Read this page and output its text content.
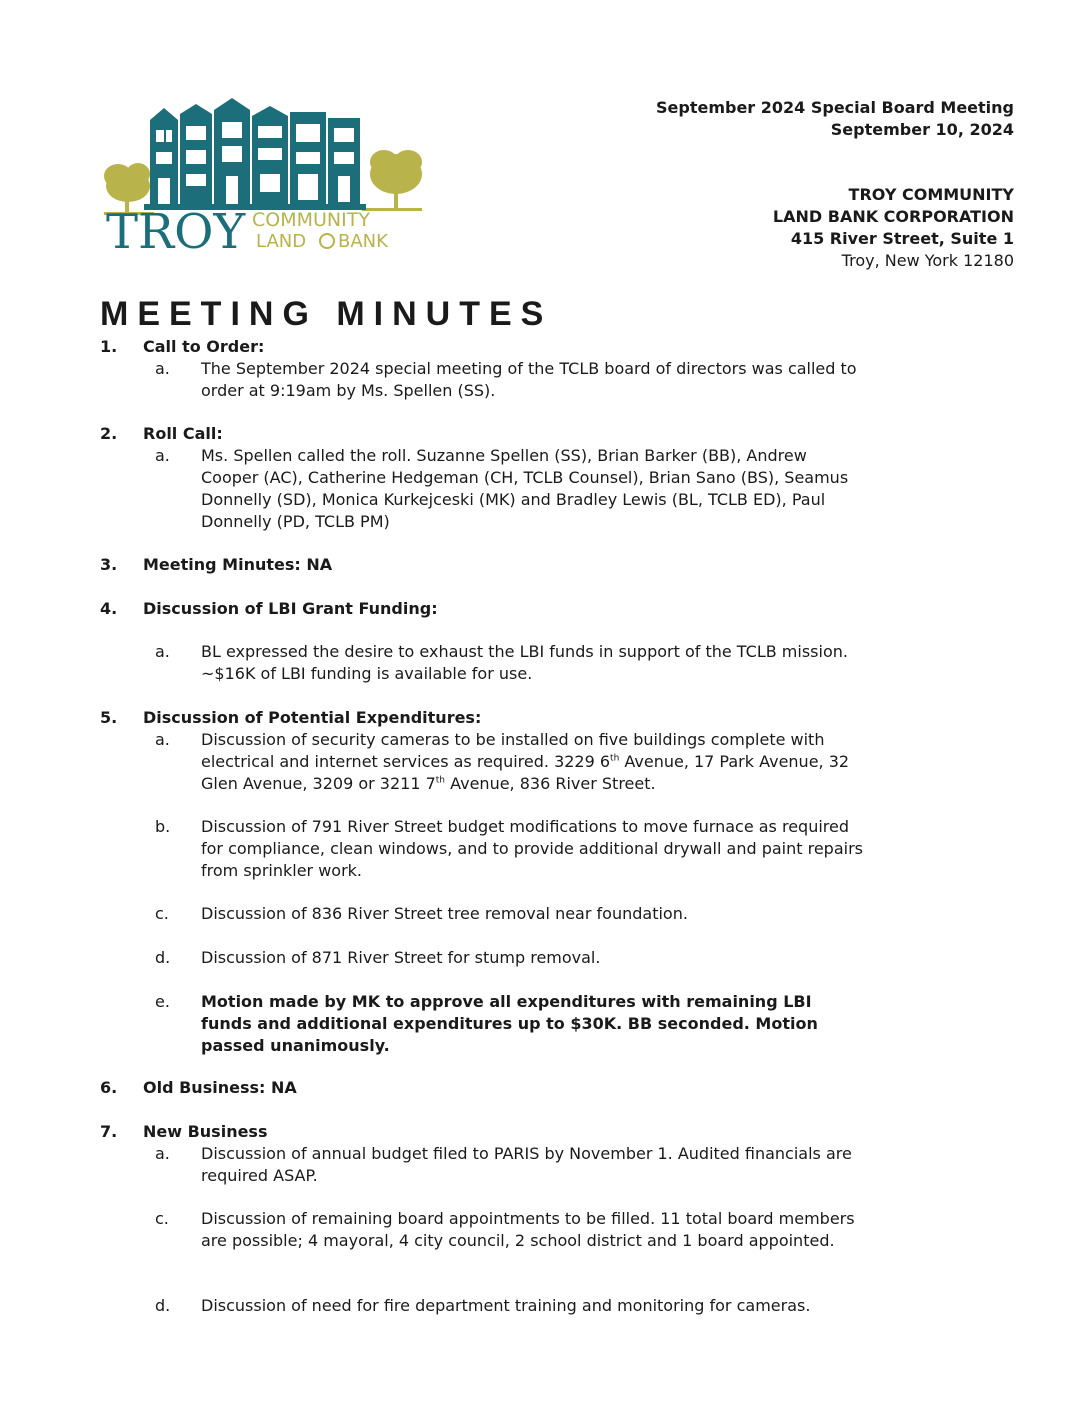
TROY COMMUNITY
LAND BANK
September 2024 Special Board Meeting
September 10, 2024
TROY COMMUNITY
LAND BANK CORPORATION
415 River Street, Suite 1
Troy, New York 12180
MEETING MINUTES
1. Call to Order:
a. The September 2024 special meeting of the TCLB board of directors was called to order at 9:19am by Ms. Spellen (SS).
2. Roll Call:
a. Ms. Spellen called the roll. Suzanne Spellen (SS), Brian Barker (BB), Andrew Cooper (AC), Catherine Hedgeman (CH, TCLB Counsel), Brian Sano (BS), Seamus Donnelly (SD), Monica Kurkejceski (MK) and Bradley Lewis (BL, TCLB ED), Paul Donnelly (PD, TCLB PM)
3. Meeting Minutes: NA
4. Discussion of LBI Grant Funding:
a. BL expressed the desire to exhaust the LBI funds in support of the TCLB mission. ~$16K of LBI funding is available for use.
5. Discussion of Potential Expenditures:
a. Discussion of security cameras to be installed on five buildings complete with electrical and internet services as required. 3229 6th Avenue, 17 Park Avenue, 32 Glen Avenue, 3209 or 3211 7th Avenue, 836 River Street.
b. Discussion of 791 River Street budget modifications to move furnace as required for compliance, clean windows, and to provide additional drywall and paint repairs from sprinkler work.
c. Discussion of 836 River Street tree removal near foundation.
d. Discussion of 871 River Street for stump removal.
e. Motion made by MK to approve all expenditures with remaining LBI funds and additional expenditures up to $30K. BB seconded. Motion passed unanimously.
6. Old Business: NA
7. New Business
a. Discussion of annual budget filed to PARIS by November 1. Audited financials are required ASAP.
c. Discussion of remaining board appointments to be filled. 11 total board members are possible; 4 mayoral, 4 city council, 2 school district and 1 board appointed.
d. Discussion of need for fire department training and monitoring for cameras.
